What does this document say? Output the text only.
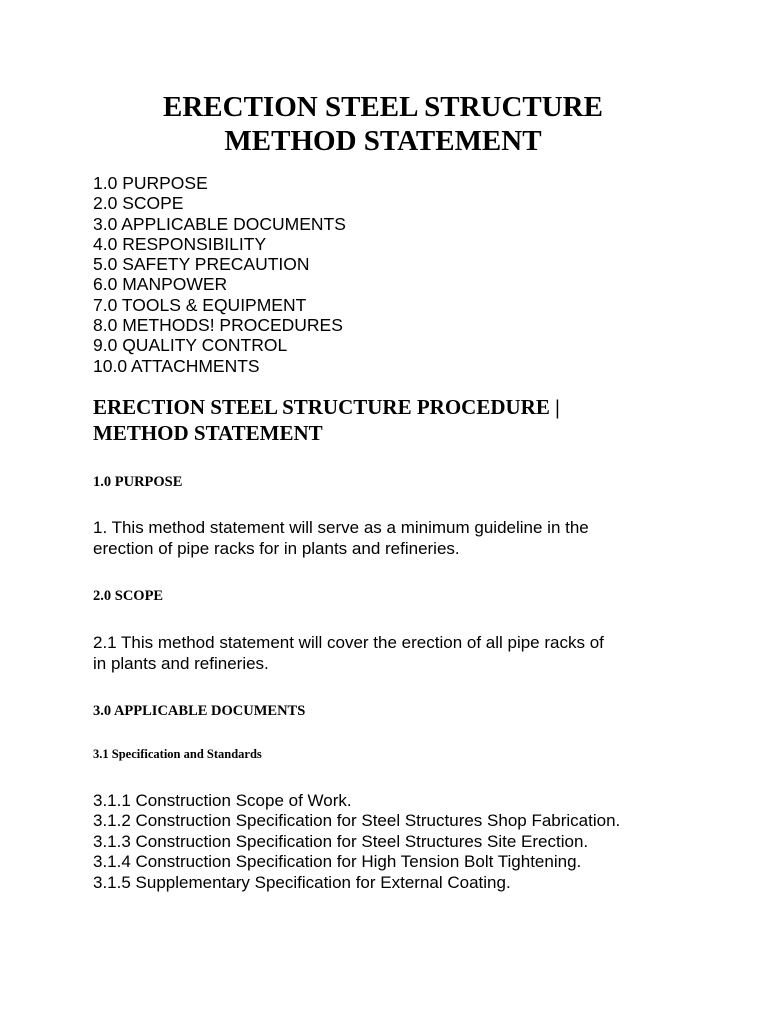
ERECTION STEEL STRUCTURE
METHOD STATEMENT
1.0 PURPOSE
2.0 SCOPE
3.0 APPLICABLE DOCUMENTS
4.0 RESPONSIBILITY
5.0 SAFETY PRECAUTION
6.0 MANPOWER
7.0 TOOLS & EQUIPMENT
8.0 METHODS! PROCEDURES
9.0 QUALITY CONTROL
10.0 ATTACHMENTS
ERECTION STEEL STRUCTURE PROCEDURE |
METHOD STATEMENT
1.0 PURPOSE
1. This method statement will serve as a minimum guideline in the
erection of pipe racks for in plants and refineries.
2.0 SCOPE
2.1 This method statement will cover the erection of all pipe racks of
in plants and refineries.
3.0 APPLICABLE DOCUMENTS
3.1 Specification and Standards
3.1.1 Construction Scope of Work.
3.1.2 Construction Specification for Steel Structures Shop Fabrication.
3.1.3 Construction Specification for Steel Structures Site Erection.
3.1.4 Construction Specification for High Tension Bolt Tightening.
3.1.5 Supplementary Specification for External Coating.
